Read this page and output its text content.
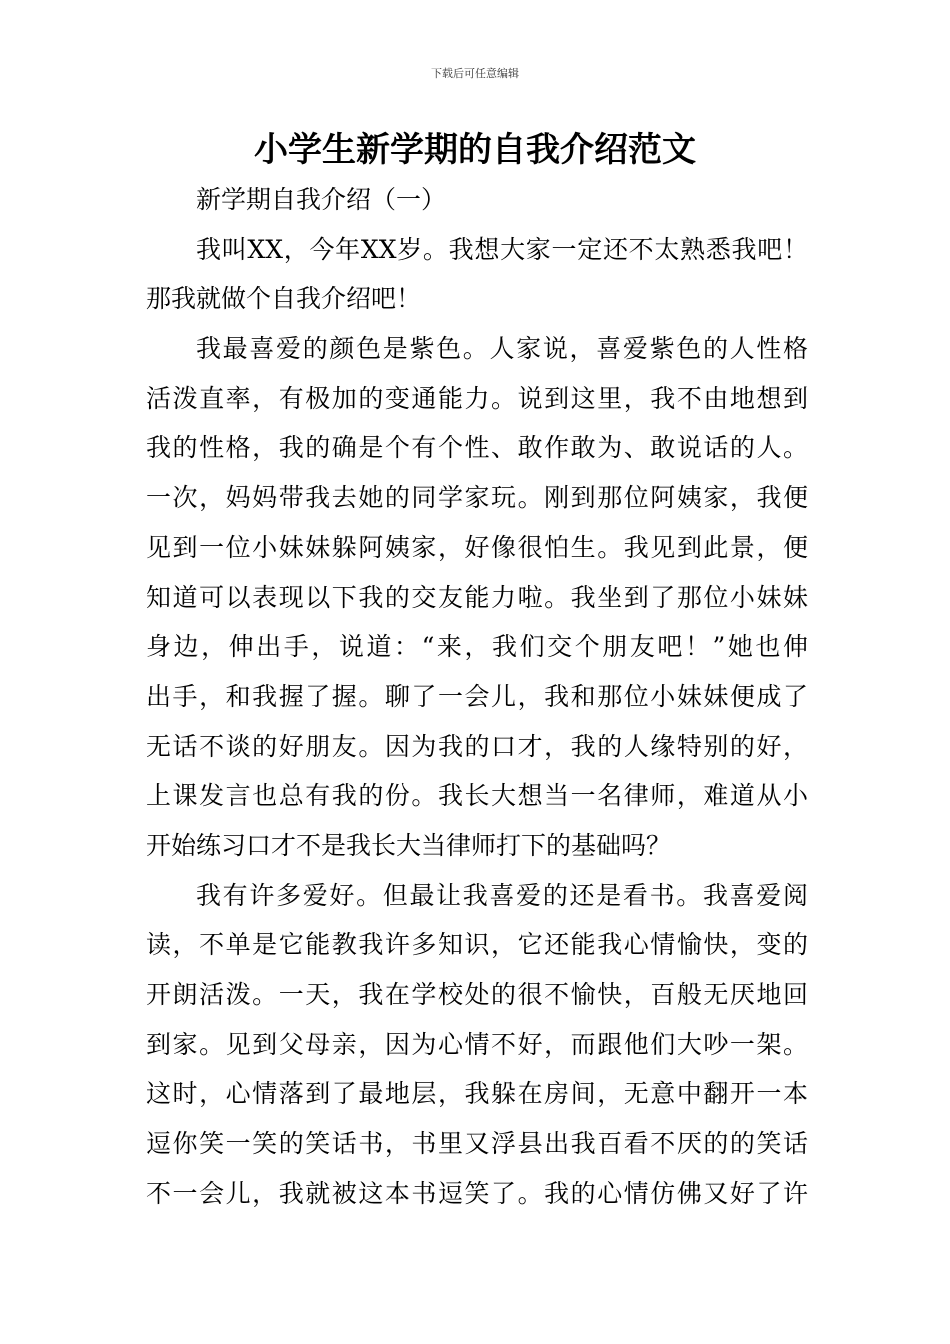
下载后可任意编辑
小学生新学期的自我介绍范文
新学期自我介绍（一）

我叫XX，今年XX岁。我想大家一定还不太熟悉我吧！
那我就做个自我介绍吧！

我最喜爱的颜色是紫色。人家说，喜爱紫色的人性格
活泼直率，有极加的变通能力。说到这里，我不由地想到
我的性格，我的确是个有个性、敢作敢为、敢说话的人。
一次，妈妈带我去她的同学家玩。刚到那位阿姨家，我便
见到一位小妹妹躲阿姨家，好像很怕生。我见到此景，便
知道可以表现以下我的交友能力啦。我坐到了那位小妹妹
身边，伸出手，说道：“来，我们交个朋友吧！”她也伸
出手，和我握了握。聊了一会儿，我和那位小妹妹便成了
无话不谈的好朋友。因为我的口才，我的人缘特别的好，
上课发言也总有我的份。我长大想当一名律师，难道从小
开始练习口才不是我长大当律师打下的基础吗？

我有许多爱好。但最让我喜爱的还是看书。我喜爱阅
读，不单是它能教我许多知识，它还能我心情愉快，变的
开朗活泼。一天，我在学校处的很不愉快，百般无厌地回
到家。见到父母亲，因为心情不好，而跟他们大吵一架。
这时，心情落到了最地层，我躲在房间，无意中翻开一本
逗你笑一笑的笑话书，书里又浮县出我百看不厌的的笑话
不一会儿，我就被这本书逗笑了。我的心情仿佛又好了许
